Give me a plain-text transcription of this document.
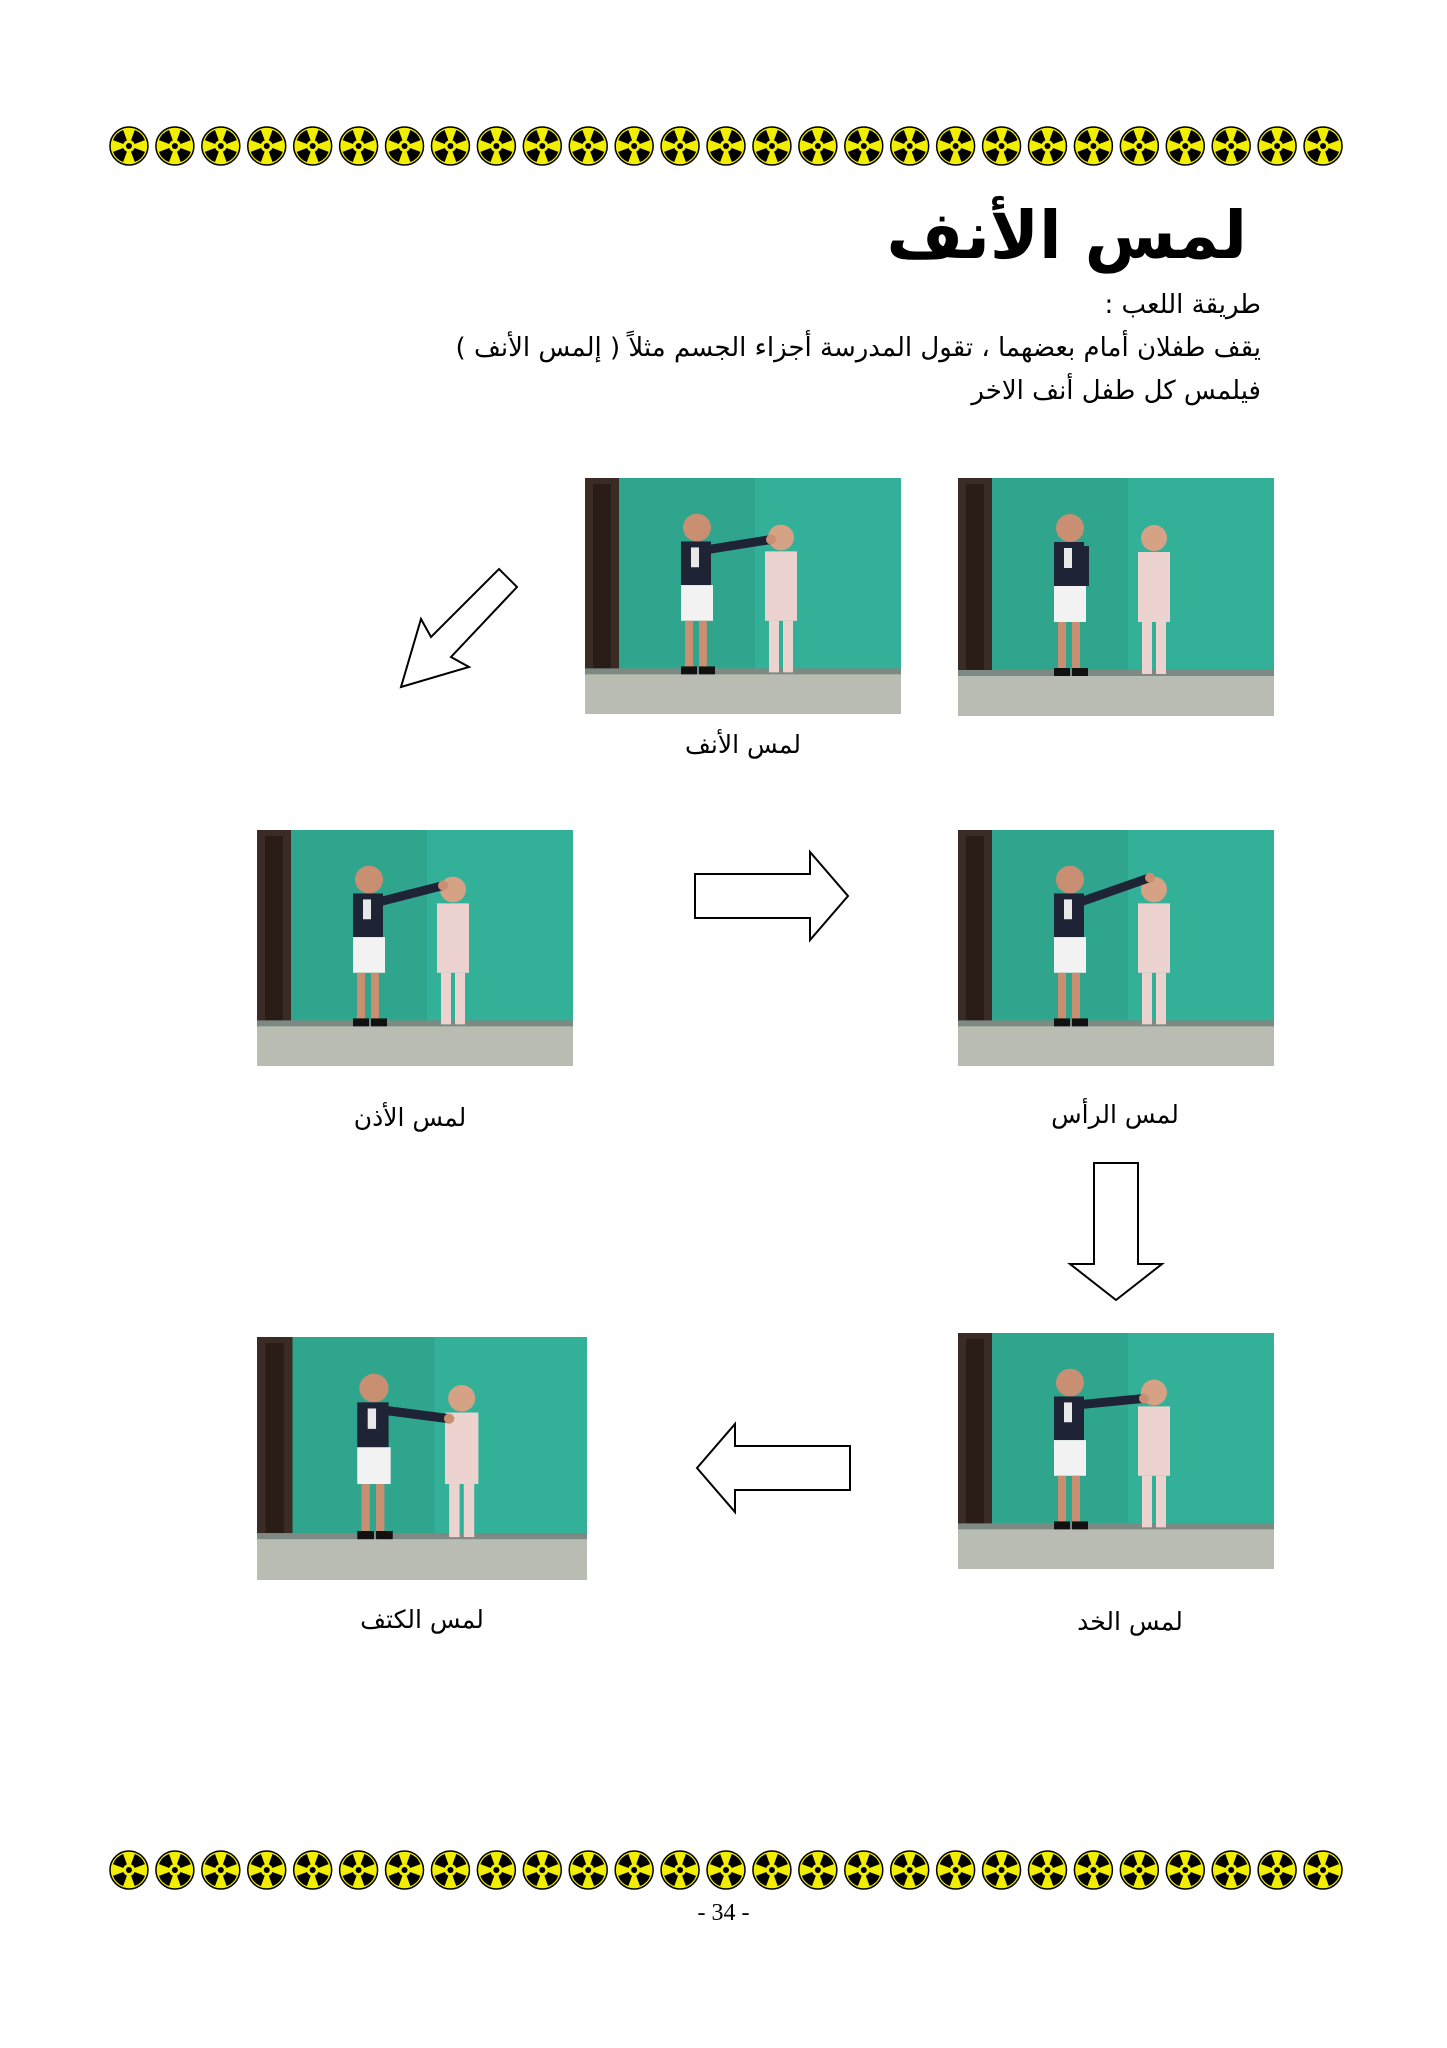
لمس الأنف
طريقة اللعب :
يقف طفلان أمام بعضهما ، تقول المدرسة أجزاء الجسم مثلاً ( إلمس الأنف )
فيلمس كل طفل أنف الاخر
لمس الأنف
لمس الرأس
لمس الأذن
لمس الخد
لمس الكتف
- 34 -
